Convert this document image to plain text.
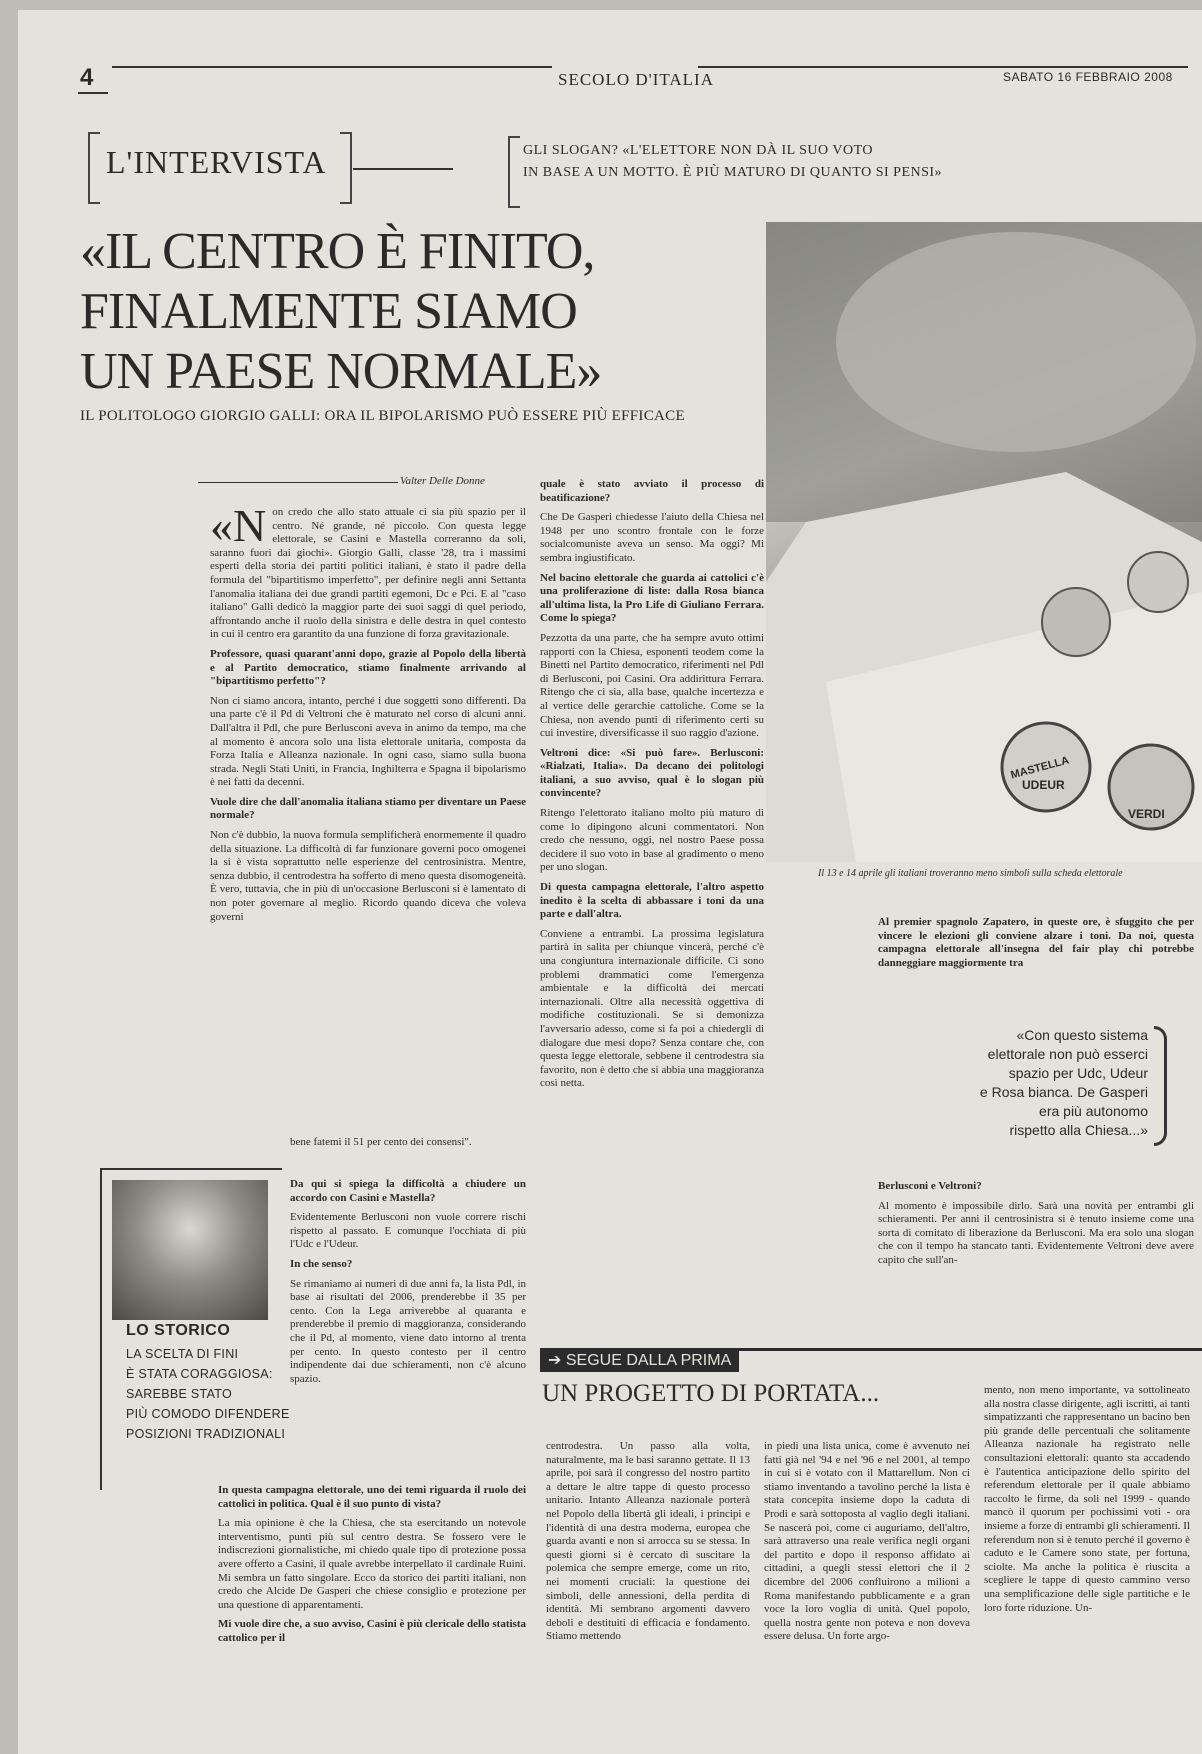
4	SECOLO D'ITALIA	SABATO 16 FEBBRAIO 2008
L'INTERVISTA	GLI SLOGAN? «L'ELETTORE NON DÀ IL SUO VOTO
IN BASE A UN MOTTO. È PIÙ MATURO DI QUANTO SI PENSI»
«IL CENTRO È FINITO,
FINALMENTE SIAMO
UN PAESE NORMALE»
IL POLITOLOGO GIORGIO GALLI: ORA IL BIPOLARISMO PUÒ ESSERE PIÙ EFFICACE
MASTELLA
UDEUR
VERDI
Il 13 e 14 aprile gli italiani troveranno meno simboli sulla scheda elettorale
Valter Delle Donne

«Non credo che allo stato attuale ci sia più spazio per il centro. Né grande, né piccolo. Con questa legge elettorale, se Casini e Mastella correranno da soli, saranno fuori dai giochi». Giorgio Galli, classe '28, tra i massimi esperti della storia dei partiti politici italiani, è stato il padre della formula del "bipartitismo imperfetto", per definire negli anni Settanta l'anomalia italiana dei due grandi partiti egemoni, Dc e Pci. E al "caso italiano" Galli dedicò la maggior parte dei suoi saggi di quel periodo, affrontando anche il ruolo della sinistra e delle destra in quel contesto in cui il centro era garantito da una funzione di forza gravitazionale.

Professore, quasi quarant'anni dopo, grazie al Popolo della libertà e al Partito democratico, stiamo finalmente arrivando al "bipartitismo perfetto"?

Non ci siamo ancora, intanto, perché i due soggetti sono differenti. Da una parte c'è il Pd di Veltroni che è maturato nel corso di alcuni anni. Dall'altra il Pdl, che pure Berlusconi aveva in animo da tempo, ma che al momento è ancora solo una lista elettorale unitaria, composta da Forza Italia e Alleanza nazionale. In ogni caso, siamo sulla buona strada. Negli Stati Uniti, in Francia, Inghilterra e Spagna il bipolarismo è nei fatti da decenni.

Vuole dire che dall'anomalia italiana stiamo per diventare un Paese normale?

Non c'è dubbio, la nuova formula semplificherà enormemente il quadro della situazione. La difficoltà di far funzionare governi poco omogenei la si è vista soprattutto nelle esperienze del centrosinistra. Mentre, senza dubbio, il centrodestra ha sofferto di meno questa disomogeneità. È vero, tuttavia, che in più di un'occasione Berlusconi si è lamentato di non poter governare al meglio. Ricordo quando diceva che voleva governi

bene fatemi il 51 per cento dei consensi".

LO STORICO
LA SCELTA DI FINI
È STATA CORAGGIOSA:
SAREBBE STATO
PIÙ COMODO DIFENDERE
POSIZIONI TRADIZIONALI

Da qui si spiega la difficoltà a chiudere un accordo con Casini e Mastella?

Evidentemente Berlusconi non vuole correre rischi rispetto al passato. E comunque l'occhiata di più l'Udc e l'Udeur.

In che senso?

Se rimaniamo ai numeri di due anni fa, la lista Pdl, in base ai risultati del 2006, prenderebbe il 35 per cento. Con la Lega arriverebbe al quaranta e prenderebbe il premio di maggioranza, considerando che il Pd, al momento, viene dato intorno al trenta per cento. In questo contesto per il centro indipendente dai due schieramenti, non c'è alcuno spazio.

In questa campagna elettorale, uno dei temi riguarda il ruolo dei cattolici in politica. Qual è il suo punto di vista?

La mia opinione è che la Chiesa, che sta esercitando un notevole interventismo, punti più sul centro destra. Se fossero vere le indiscrezioni giornalistiche, mi chiedo quale tipo di protezione possa avere offerto a Casini, il quale avrebbe interpellato il cardinale Ruini. Mi sembra un fatto singolare. Ecco da storico dei partiti italiani, non credo che Alcide De Gasperi che chiese consiglio e protezione per una questione di apparentamenti.

Mi vuole dire che, a suo avviso, Casini è più clericale dello statista cattolico per il

quale è stato avviato il processo di beatificazione?

Che De Gasperi chiedesse l'aiuto della Chiesa nel 1948 per uno scontro frontale con le forze socialcomuniste aveva un senso. Ma oggi? Mi sembra ingiustificato.

Nel bacino elettorale che guarda ai cattolici c'è una proliferazione di liste: dalla Rosa bianca all'ultima lista, la Pro Life di Giuliano Ferrara. Come lo spiega?

Pezzotta da una parte, che ha sempre avuto ottimi rapporti con la Chiesa, esponenti teodem come la Binetti nel Partito democratico, riferimenti nel Pdl di Berlusconi, poi Casini. Ora addirittura Ferrara. Ritengo che ci sia, alla base, qualche incertezza e al vertice delle gerarchie cattoliche. Come se la Chiesa, non avendo punti di riferimento certi su cui investire, diversificasse il suo raggio d'azione.

Veltroni dice: «Si può fare». Berlusconi: «Rialzati, Italia». Da decano dei politologi italiani, a suo avviso, qual è lo slogan più convincente?

Ritengo l'elettorato italiano molto più maturo di come lo dipingono alcuni commentatori. Non credo che nessuno, oggi, nel nostro Paese possa decidere il suo voto in base al gradimento o meno per uno slogan.

Di questa campagna elettorale, l'altro aspetto inedito è la scelta di abbassare i toni da una parte e dall'altra.

Conviene a entrambi. La prossima legislatura partirà in salita per chiunque vincerà, perché c'è una congiuntura internazionale difficile. Ci sono problemi drammatici come l'emergenza ambientale e la difficoltà dei mercati internazionali. Oltre alla necessità oggettiva di modifiche costituzionali. Se si demonizza l'avversario adesso, come si fa poi a chiedergli di dialogare due mesi dopo? Senza contare che, con questa legge elettorale, sebbene il centrodestra sia favorito, non è detto che si abbia una maggioranza così netta.

Al premier spagnolo Zapatero, in queste ore, è sfuggito che per vincere le elezioni gli conviene alzare i toni. Da noi, questa campagna elettorale all'insegna del fair play chi potrebbe danneggiare maggiormente tra

«Con questo sistema
elettorale non può esserci
spazio per Udc, Udeur
e Rosa bianca. De Gasperi
era più autonomo
rispetto alla Chiesa...»

Berlusconi e Veltroni?

Al momento è impossibile dirlo. Sarà una novità per entrambi gli schieramenti. Per anni il centrosinistra si è tenuto insieme come una sorta di comitato di liberazione da Berlusconi. Ma era solo una slogan che con il tempo ha stancato tanti. Evidentemente Veltroni deve avere capito che sull'an-

➔ SEGUE DALLA PRIMA
UN PROGETTO DI PORTATA...

centrodestra. Un passo alla volta, naturalmente, ma le basi saranno gettate. Il 13 aprile, poi sarà il congresso del nostro partito a dettare le altre tappe di questo processo unitario. Intanto Alleanza nazionale porterà nel Popolo della libertà gli ideali, i principi e l'identità di una destra moderna, europea che guarda avanti e non si arrocca su se stessa. In questi giorni si è cercato di suscitare la polemica che sempre emerge, come un rito, nei momenti cruciali: la questione dei simboli, delle annessioni, della perdita di identità. Mi sembrano argomenti davvero deboli e destituiti di efficacia e fondamento. Stiamo mettendo

in piedi una lista unica, come è avvenuto nei fatti già nel '94 e nel '96 e nel 2001, al tempo in cui si è votato con il Mattarellum. Non ci stiamo inventando a tavolino perché la lista è stata concepita insieme dopo la caduta di Prodi e sarà sottoposta al vaglio degli italiani. Se nascerà poi, come ci auguriamo, dell'altro, sarà attraverso una reale verifica negli organi del partito e dopo il responso affidato ai cittadini, a quegli stessi elettori che il 2 dicembre del 2006 confluirono a milioni a Roma manifestando pubblicamente e a gran voce la loro voglia di unità. Quel popolo, quella nostra gente non poteva e non doveva essere delusa. Un forte argo-

mento, non meno importante, va sottolineato alla nostra classe dirigente, agli iscritti, ai tanti simpatizzanti che rappresentano un bacino ben più grande delle percentuali che solitamente Alleanza nazionale ha registrato nelle consultazioni elettorali: quanto sta accadendo è l'autentica anticipazione dello spirito del referendum elettorale per il quale abbiamo raccolto le firme, da soli nel 1999 - quando mancò il quorum per pochissimi voti - ora insieme a forze di entrambi gli schieramenti. Il referendum non si è tenuto perché il governo è caduto e le Camere sono state, per fortuna, sciolte. Ma anche la politica è riuscita a scegliere le tappe di questo cammino verso una semplificazione delle sigle partitiche e le loro forte riduzione. Un-
